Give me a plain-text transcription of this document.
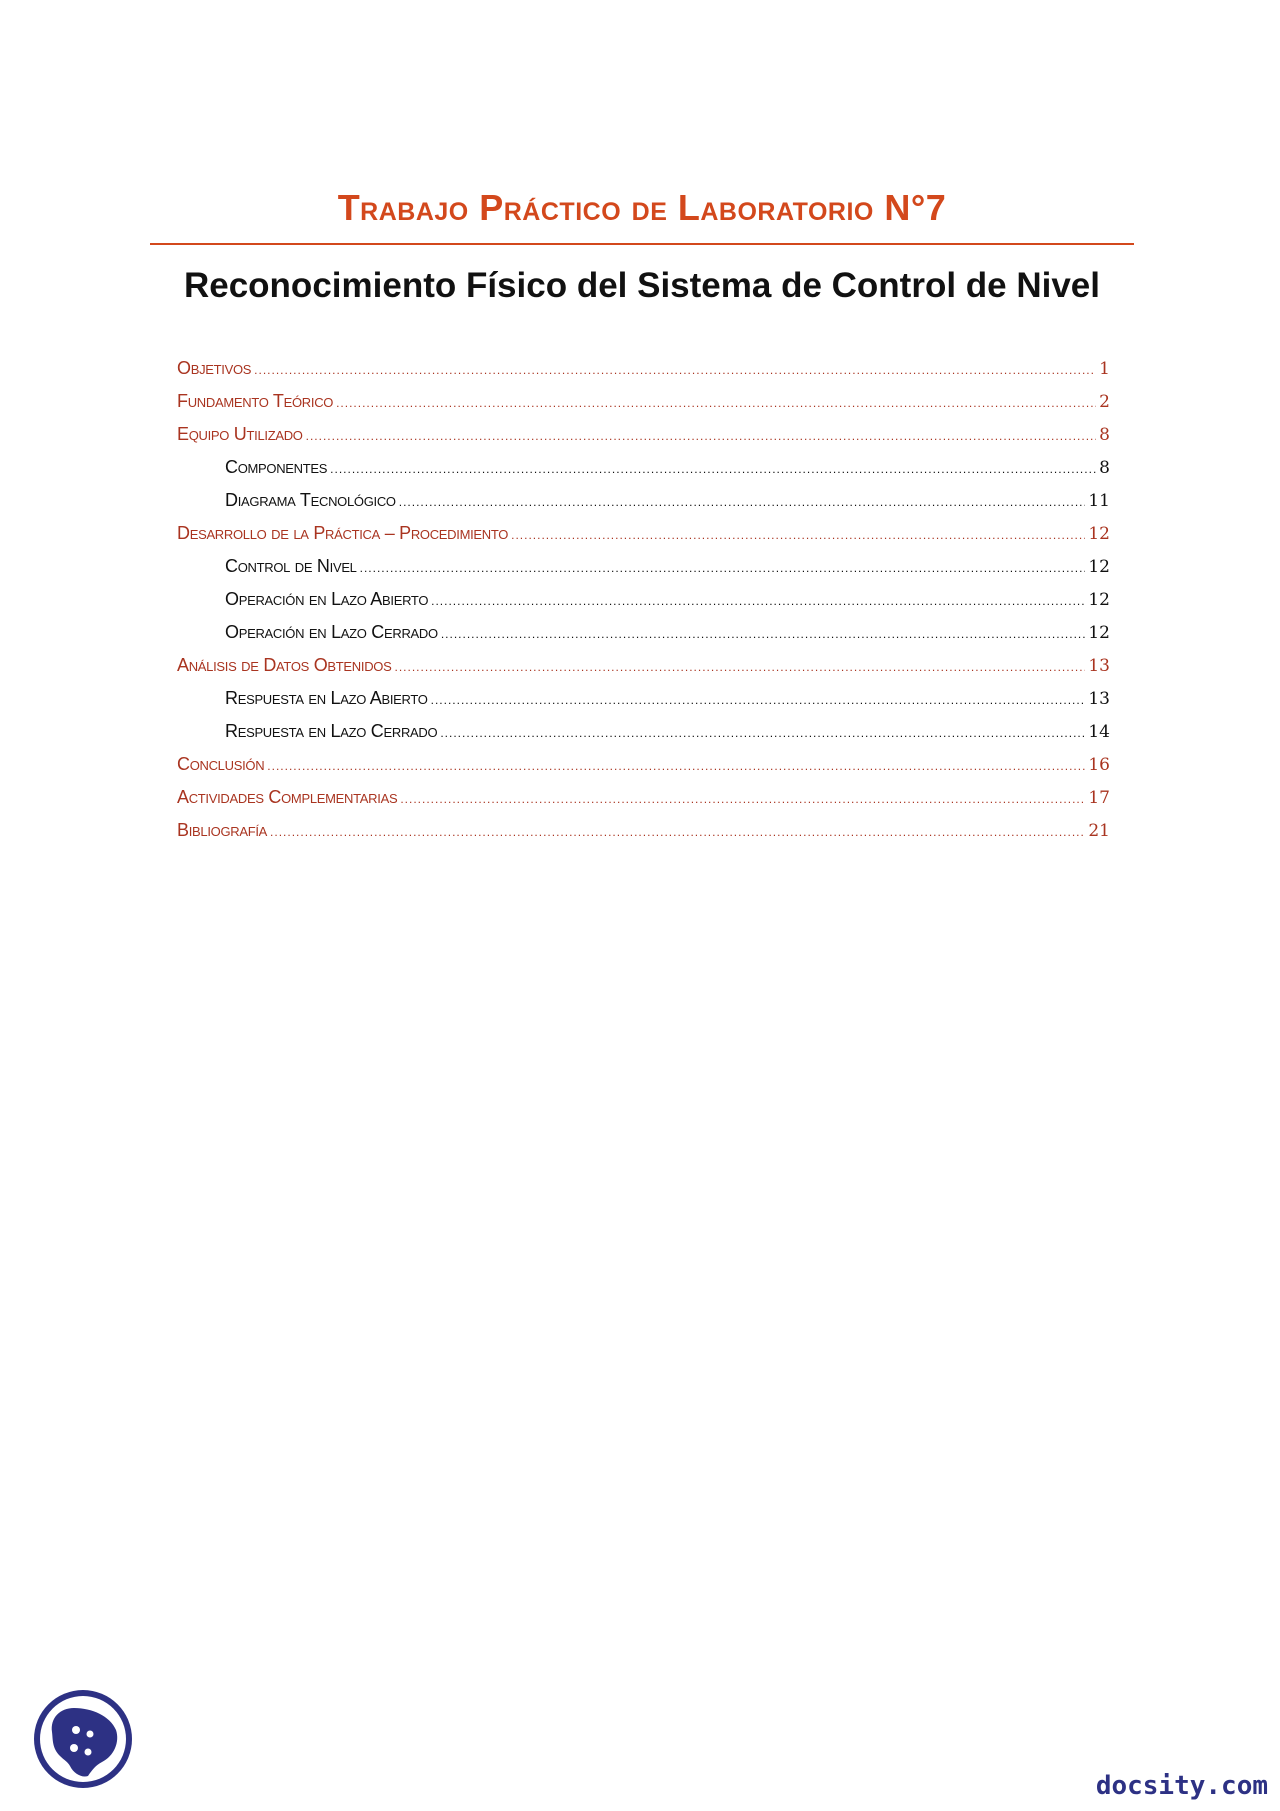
Trabajo Práctico de Laboratorio N°7
Reconocimiento Físico del Sistema de Control de Nivel
Objetivos .....	1
Fundamento Teórico .....	2
Equipo Utilizado .....	8
Componentes .....	8
Diagrama Tecnológico .....	11
Desarrollo de la Práctica – Procedimiento .....	12
Control de Nivel .....	12
Operación en Lazo Abierto .....	12
Operación en Lazo Cerrado .....	12
Análisis de Datos Obtenidos .....	13
Respuesta en Lazo Abierto .....	13
Respuesta en Lazo Cerrado .....	14
Conclusión .....	16
Actividades Complementarias .....	17
Bibliografía .....	21
docsity.com
